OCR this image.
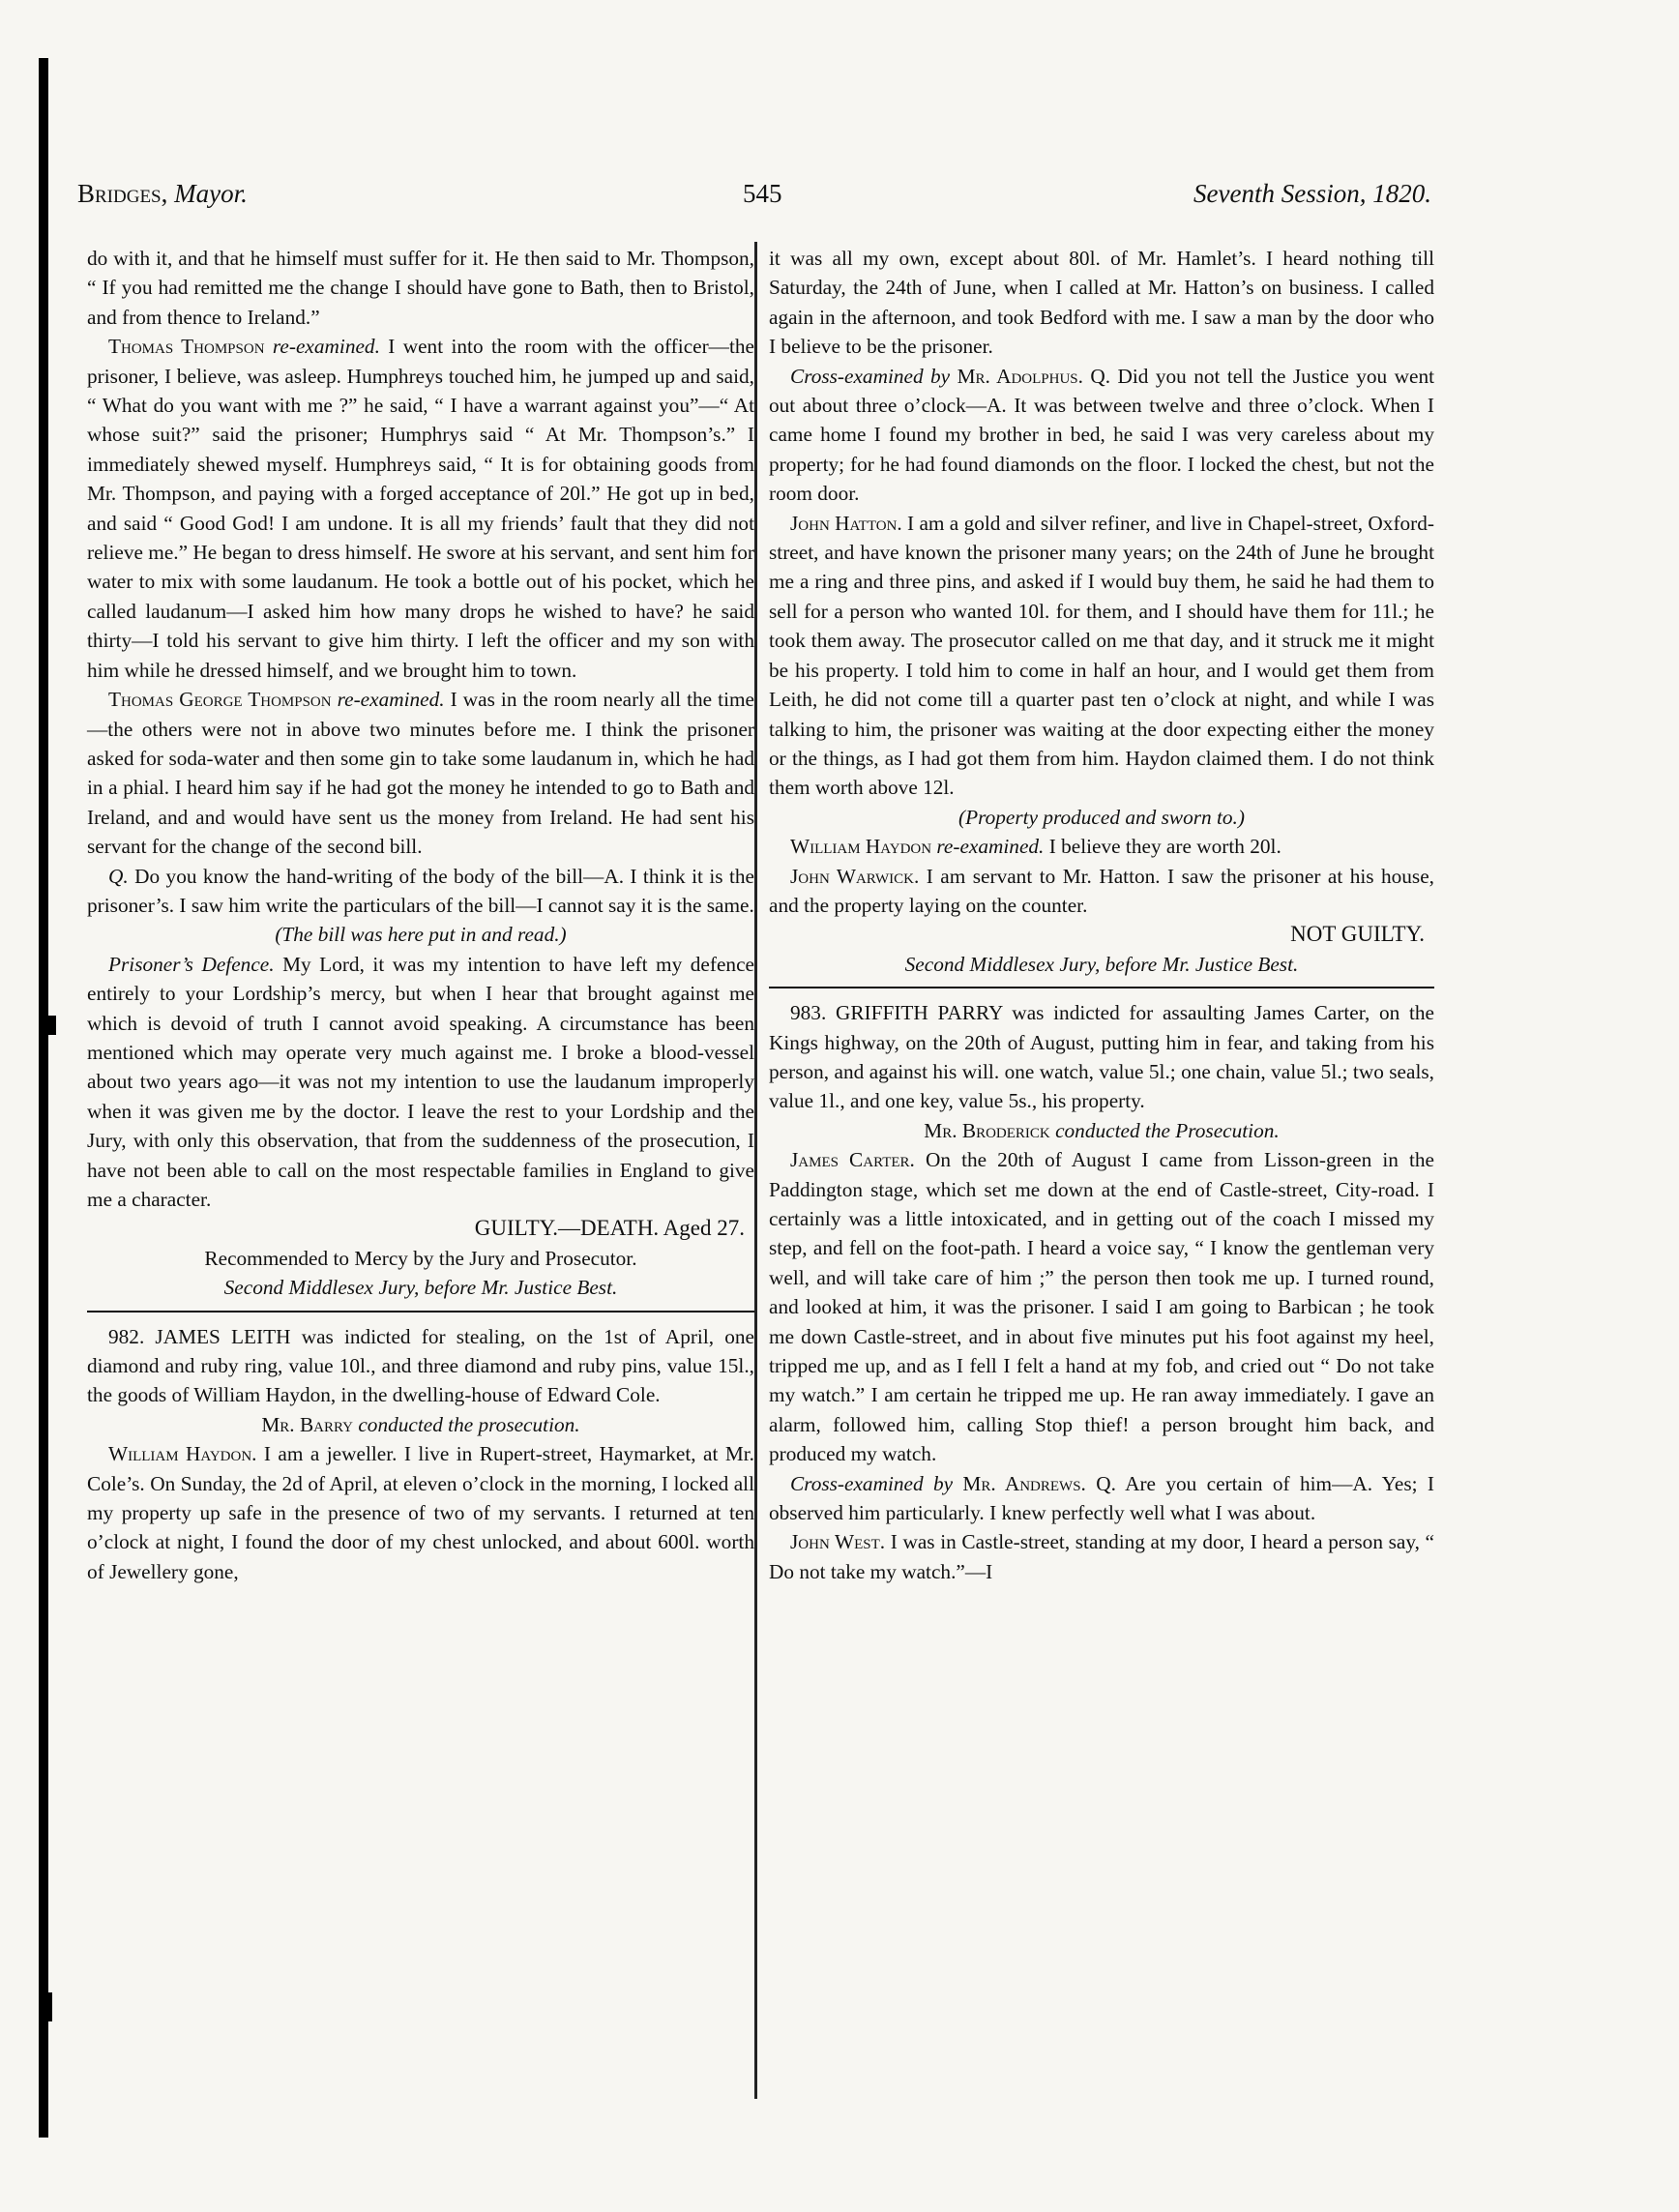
Bridges, Mayor.	545	Seventh Session, 1820.

do with it, and that he himself must suffer for it. He then said to Mr. Thompson, “ If you had remitted me the change I should have gone to Bath, then to Bristol, and from thence to Ireland.”

Thomas Thompson re-examined. I went into the room with the officer—the prisoner, I believe, was asleep. Humphreys touched him, he jumped up and said, “ What do you want with me ?” he said, “ I have a warrant against you”—“ At whose suit?” said the prisoner; Humphrys said “ At Mr. Thompson’s.” I immediately shewed myself. Humphreys said, “ It is for obtaining goods from Mr. Thompson, and paying with a forged acceptance of 20l.” He got up in bed, and said “ Good God! I am undone. It is all my friends’ fault that they did not relieve me.” He began to dress himself. He swore at his servant, and sent him for water to mix with some laudanum. He took a bottle out of his pocket, which he called laudanum—I asked him how many drops he wished to have? he said thirty—I told his servant to give him thirty. I left the officer and my son with him while he dressed himself, and we brought him to town.

Thomas George Thompson re-examined. I was in the room nearly all the time—the others were not in above two minutes before me. I think the prisoner asked for soda-water and then some gin to take some laudanum in, which he had in a phial. I heard him say if he had got the money he intended to go to Bath and Ireland, and and would have sent us the money from Ireland. He had sent his servant for the change of the second bill.

Q. Do you know the hand-writing of the body of the bill—A. I think it is the prisoner’s. I saw him write the particulars of the bill—I cannot say it is the same.

(The bill was here put in and read.)

Prisoner’s Defence. My Lord, it was my intention to have left my defence entirely to your Lordship’s mercy, but when I hear that brought against me which is devoid of truth I cannot avoid speaking. A circumstance has been mentioned which may operate very much against me. I broke a blood-vessel about two years ago—it was not my intention to use the laudanum improperly when it was given me by the doctor. I leave the rest to your Lordship and the Jury, with only this observation, that from the suddenness of the prosecution, I have not been able to call on the most respectable families in England to give me a character.

GUILTY.—DEATH. Aged 27.

Recommended to Mercy by the Jury and Prosecutor.

Second Middlesex Jury, before Mr. Justice Best.

982. JAMES LEITH was indicted for stealing, on the 1st of April, one diamond and ruby ring, value 10l., and three diamond and ruby pins, value 15l., the goods of William Haydon, in the dwelling-house of Edward Cole.

Mr. Barry conducted the prosecution.

William Haydon. I am a jeweller. I live in Rupert-street, Haymarket, at Mr. Cole’s. On Sunday, the 2d of April, at eleven o’clock in the morning, I locked all my property up safe in the presence of two of my servants. I returned at ten o’clock at night, I found the door of my chest unlocked, and about 600l. worth of Jewellery gone,

it was all my own, except about 80l. of Mr. Hamlet’s. I heard nothing till Saturday, the 24th of June, when I called at Mr. Hatton’s on business. I called again in the afternoon, and took Bedford with me. I saw a man by the door who I believe to be the prisoner.

Cross-examined by Mr. Adolphus. Q. Did you not tell the Justice you went out about three o’clock—A. It was between twelve and three o’clock. When I came home I found my brother in bed, he said I was very careless about my property; for he had found diamonds on the floor. I locked the chest, but not the room door.

John Hatton. I am a gold and silver refiner, and live in Chapel-street, Oxford-street, and have known the prisoner many years; on the 24th of June he brought me a ring and three pins, and asked if I would buy them, he said he had them to sell for a person who wanted 10l. for them, and I should have them for 11l.; he took them away. The prosecutor called on me that day, and it struck me it might be his property. I told him to come in half an hour, and I would get them from Leith, he did not come till a quarter past ten o’clock at night, and while I was talking to him, the prisoner was waiting at the door expecting either the money or the things, as I had got them from him. Haydon claimed them. I do not think them worth above 12l.

(Property produced and sworn to.)

William Haydon re-examined. I believe they are worth 20l.

John Warwick. I am servant to Mr. Hatton. I saw the prisoner at his house, and the property laying on the counter.

NOT GUILTY.

Second Middlesex Jury, before Mr. Justice Best.

983. GRIFFITH PARRY was indicted for assaulting James Carter, on the Kings highway, on the 20th of August, putting him in fear, and taking from his person, and against his will. one watch, value 5l.; one chain, value 5l.; two seals, value 1l., and one key, value 5s., his property.

Mr. Broderick conducted the Prosecution.

James Carter. On the 20th of August I came from Lisson-green in the Paddington stage, which set me down at the end of Castle-street, City-road. I certainly was a little intoxicated, and in getting out of the coach I missed my step, and fell on the foot-path. I heard a voice say, “ I know the gentleman very well, and will take care of him ;” the person then took me up. I turned round, and looked at him, it was the prisoner. I said I am going to Barbican ; he took me down Castle-street, and in about five minutes put his foot against my heel, tripped me up, and as I fell I felt a hand at my fob, and cried out “ Do not take my watch.” I am certain he tripped me up. He ran away immediately. I gave an alarm, followed him, calling Stop thief! a person brought him back, and produced my watch.

Cross-examined by Mr. Andrews. Q. Are you certain of him—A. Yes; I observed him particularly. I knew perfectly well what I was about.

John West. I was in Castle-street, standing at my door, I heard a person say, “ Do not take my watch.”—I
